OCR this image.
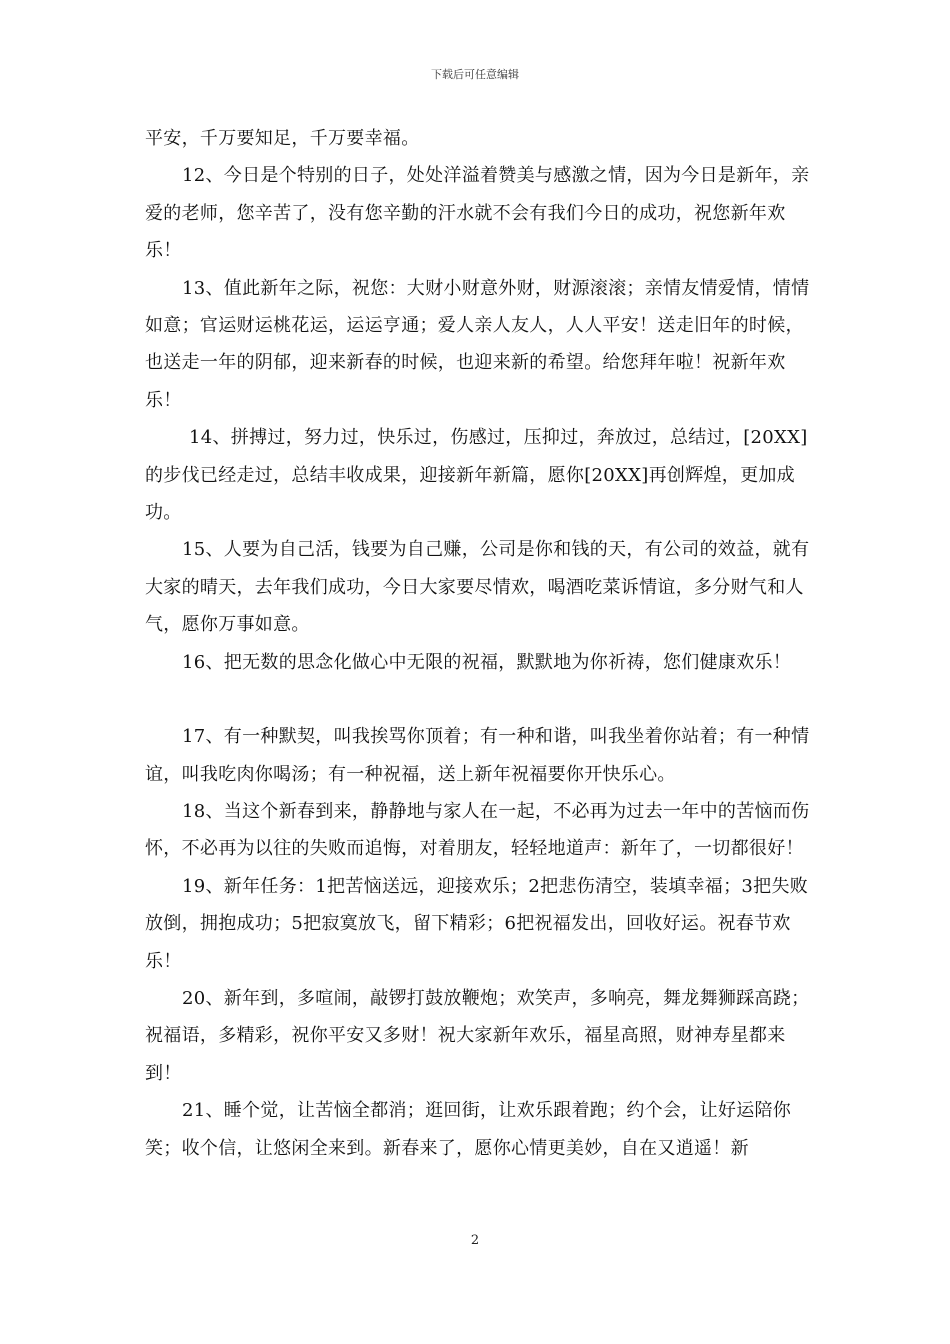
下载后可任意编辑

平安，千万要知足，千万要幸福。

12、今日是个特别的日子，处处洋溢着赞美与感激之情，因为今日是新年，亲爱的老师，您辛苦了，没有您辛勤的汗水就不会有我们今日的成功，祝您新年欢乐！

13、值此新年之际，祝您：大财小财意外财，财源滚滚；亲情友情爱情，情情如意；官运财运桃花运，运运亨通；爱人亲人友人，人人平安！送走旧年的时候，也送走一年的阴郁，迎来新春的时候，也迎来新的希望。给您拜年啦！祝新年欢乐！

14、拼搏过，努力过，快乐过，伤感过，压抑过，奔放过，总结过，[20XX]的步伐已经走过，总结丰收成果，迎接新年新篇，愿你[20XX]再创辉煌，更加成功。

15、人要为自己活，钱要为自己赚，公司是你和钱的天，有公司的效益，就有大家的晴天，去年我们成功，今日大家要尽情欢，喝酒吃菜诉情谊，多分财气和人气，愿你万事如意。

16、把无数的思念化做心中无限的祝福，默默地为你祈祷，您们健康欢乐！

17、有一种默契，叫我挨骂你顶着；有一种和谐，叫我坐着你站着；有一种情谊，叫我吃肉你喝汤；有一种祝福，送上新年祝福要你开快乐心。

18、当这个新春到来，静静地与家人在一起，不必再为过去一年中的苦恼而伤怀，不必再为以往的失败而追悔，对着朋友，轻轻地道声：新年了，一切都很好！

19、新年任务：1把苦恼送远，迎接欢乐；2把悲伤清空，装填幸福；3把失败放倒，拥抱成功；5把寂寞放飞，留下精彩；6把祝福发出，回收好运。祝春节欢乐！

20、新年到，多喧闹，敲锣打鼓放鞭炮；欢笑声，多响亮，舞龙舞狮踩高跷；祝福语，多精彩，祝你平安又多财！祝大家新年欢乐，福星高照，财神寿星都来到！

21、睡个觉，让苦恼全都消；逛回街，让欢乐跟着跑；约个会，让好运陪你笑；收个信，让悠闲全来到。新春来了，愿你心情更美妙，自在又逍遥！新

2
